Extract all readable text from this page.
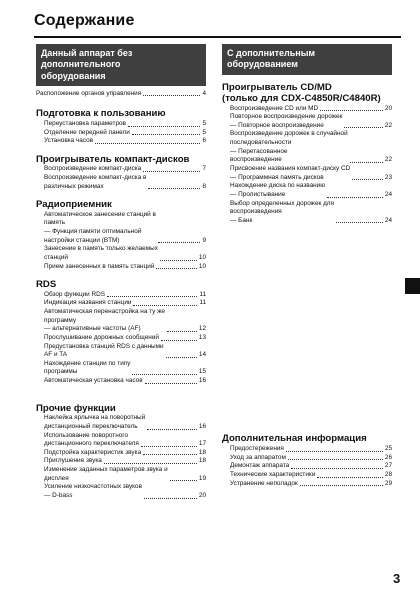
Содержание
Данный аппарат без
дополнительного
оборудования
Расположение органов управления	4
Подготовка к пользованию
Переустановка параметров	5
Отделение передней панели	5
Установка часов	6
Проигрыватель компакт-дисков
Воспроизведение компакт-диска	7
Воспроизведение компакт-диска в
различных режимах	8
Радиоприемник
Автоматическое занесение станций в
память
— Функция памяти оптимальной
настройки станции (BTM)	9
Занесение в память только желаемых
станций	10
Прием занесенных в память станций	10
RDS
Обзор функции RDS	11
Индикация названия станции	11
Автоматическая перенастройка на ту же
программу
— альтернативные частоты (AF)	12
Прослушивание дорожных сообщений	13
Предустановка станций RDS с данными
AF и TA	14
Нахождение станции по типу
программы	15
Автоматическая установка часов	16
Прочие функции
Наклейка ярлычка на поворотный
дистанционный переключатель	16
Использование поворотного
дистанционного переключателя	17
Подстройка характеристик звука	18
Приглушение звука	18
Изменение заданных параметров звука и
дисплея	19
Усиление низкочастотных звуков
— D-bass	20
С дополнительным
оборудованием
Проигрыватель CD/MD
(только для CDX-C4850R/C4840R)
Воспроизведение CD или MD	20
Повторное воспроизведение дорожек
— Повторное воспроизведение	22
Воспроизведение дорожек в случайной
последовательности
— Перетасованное
воспроизведение	22
Присвоение названия компакт-диску CD
— Программная память дисков	23
Нахождение диска по названию
— Пролистывание	24
Выбор определенных дорожек для
воспроизведения
— Банк	24
Дополнительная информация
Предостережения	25
Уход за аппаратом	26
Демонтаж аппарата	27
Технические характеристики	28
Устранение неполадок	29
3
